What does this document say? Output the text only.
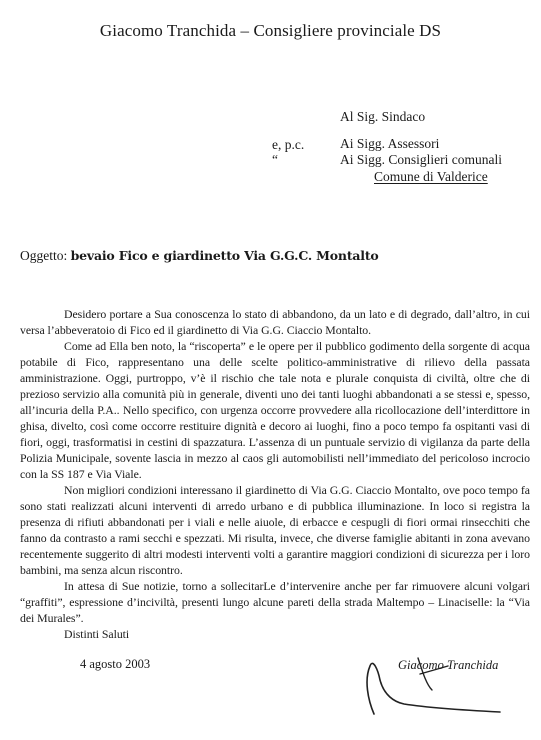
Giacomo Tranchida – Consigliere provinciale DS
Al Sig. Sindaco
e, p.c.
“
Ai Sigg. Assessori
Ai Sigg. Consiglieri comunali
Comune di Valderice
Oggetto: bevaio Fico e giardinetto Via G.G.C. Montalto

Desidero portare a Sua conoscenza lo stato di abbandono, da un lato e di degrado, dall’altro, in cui versa l’abbeveratoio di Fico ed il giardinetto di Via G.G. Ciaccio Montalto.

Come ad Ella ben noto, la “riscoperta” e le opere per il pubblico godimento della sorgente di acqua potabile di Fico, rappresentano una delle scelte politico-amministrative di rilievo della passata amministrazione. Oggi, purtroppo, v’è il rischio che tale nota e plurale conquista di civiltà, oltre che di prezioso servizio alla comunità più in generale, diventi uno dei tanti luoghi abbandonati a se stessi e, spesso, all’incuria della P.A.. Nello specifico, con urgenza occorre provvedere alla ricollocazione dell’interdittore in ghisa, divelto, così come occorre restituire dignità e decoro ai luoghi, fino a poco tempo fa ospitanti vasi di fiori, oggi, trasformatisi in cestini di spazzatura. L’assenza di un puntuale servizio di vigilanza da parte della Polizia Municipale, sovente lascia in mezzo al caos gli automobilisti nell’immediato del pericoloso incrocio con la SS 187 e Via Viale.

Non migliori condizioni interessano il giardinetto di Via G.G. Ciaccio Montalto, ove poco tempo fa sono stati realizzati alcuni interventi di arredo urbano e di pubblica illuminazione. In loco si registra la presenza di rifiuti abbandonati per i viali e nelle aiuole, di erbacce e cespugli di fiori ormai rinsecchiti che fanno da contrasto a rami secchi e spezzati. Mi risulta, invece, che diverse famiglie abitanti in zona avevano recentemente suggerito di altri modesti interventi volti a garantire maggiori condizioni di sicurezza per i loro bambini, ma senza alcun riscontro.

In attesa di Sue notizie, torno a sollecitarLe d’intervenire anche per far rimuovere alcuni volgari “graffiti”, espressione d’inciviltà, presenti lungo alcune pareti della strada Maltempo – Linaciselle: la “Via dei Murales”.

Distinti Saluti

4 agosto 2003	Giacomo Tranchida
